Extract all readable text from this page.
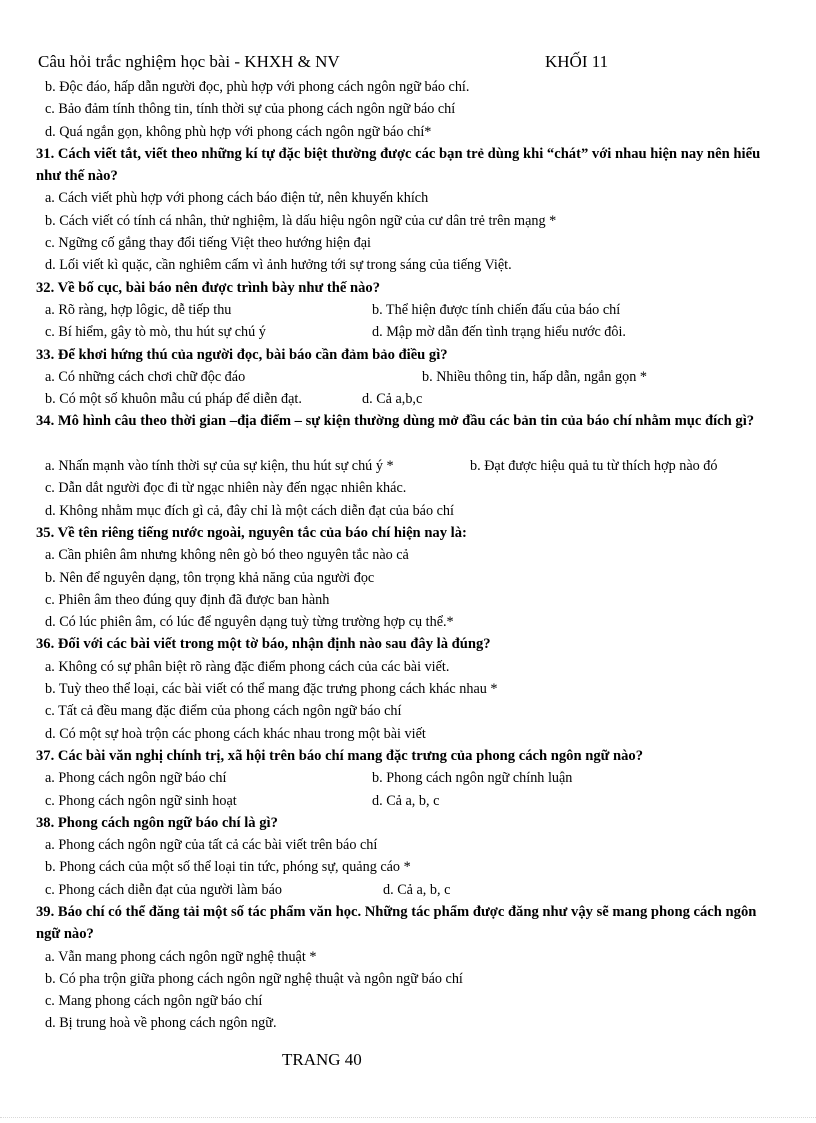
Câu hỏi trắc nghiệm học bài - KHXH & NV	KHỐI 11
b. Độc đáo, hấp dẫn người đọc, phù hợp với phong cách ngôn ngữ báo chí.
c. Bảo đảm tính thông tin, tính thời sự của phong cách ngôn ngữ báo chí
d. Quá ngắn gọn, không phù hợp với phong cách ngôn ngữ báo chí*
31. Cách viết tắt, viết theo những kí tự đặc biệt thường được các bạn trẻ dùng khi “chát” với nhau hiện nay nên hiểu như thế nào?
a. Cách viết phù hợp với phong cách báo điện tử, nên khuyến khích
b. Cách viết có tính cá nhân, thử nghiệm, là dấu hiệu ngôn ngữ của cư dân trẻ trên mạng *
c. Ngững cố gắng thay đổi tiếng Việt theo hướng hiện đại
d. Lối viết kì quặc, cần nghiêm cấm vì ảnh hưởng tới sự trong sáng của tiếng Việt.
32. Về bố cục, bài báo nên được trình bày như thế nào?
a. Rõ ràng, hợp lôgic, dễ tiếp thu	b. Thể hiện được tính chiến đấu của báo chí
c. Bí hiểm, gây tò mò, thu hút sự chú ý	d. Mập mờ dẫn đến tình trạng hiểu nước đôi.
33. Để khơi hứng thú của người đọc, bài báo cần đảm bảo điều gì?
a. Có những cách chơi chữ độc đáo	b. Nhiều thông tin, hấp dẫn, ngắn gọn *
b. Có một số khuôn mẫu cú pháp để diễn đạt.	d. Cả a,b,c
34. Mô hình câu theo thời gian –địa điểm – sự kiện thường dùng mở đầu các bản tin của báo chí nhằm mục đích gì?
a. Nhấn mạnh vào tính thời sự của sự kiện, thu hút sự chú ý *	b. Đạt được hiệu quả tu từ thích hợp nào đó
c. Dẫn dắt người đọc đi từ ngạc nhiên này đến ngạc nhiên khác.
d. Không nhằm mục đích gì cả, đây chỉ là một cách diễn đạt của báo chí
35. Về tên riêng tiếng nước ngoài, nguyên tắc của báo chí hiện nay là:
a. Cần phiên âm nhưng không nên gò bó theo nguyên tắc nào cả
b. Nên để nguyên dạng, tôn trọng khả năng của người đọc
c. Phiên âm theo đúng quy định đã được ban hành
d. Có lúc phiên âm, có lúc để nguyên dạng tuỳ từng trường hợp cụ thể.*
36. Đối với các bài viết trong một tờ báo, nhận định nào sau đây là đúng?
a. Không có sự phân biệt rõ ràng đặc điểm phong cách của các bài viết.
b. Tuỳ theo thể loại, các bài viết có thể mang đặc trưng phong cách khác nhau *
c. Tất cả đều mang đặc điểm của phong cách ngôn ngữ báo chí
d. Có một sự hoà trộn các phong cách khác nhau trong một bài viết
37. Các bài văn nghị chính trị, xã hội trên báo chí mang đặc trưng của phong cách ngôn ngữ nào?
a. Phong cách ngôn ngữ báo chí	b. Phong cách ngôn ngữ chính luận
c. Phong cách ngôn ngữ sinh hoạt	d. Cả a, b, c
38. Phong cách ngôn ngữ báo chí là gì?
a. Phong cách ngôn ngữ của tất cả các bài viết trên báo chí
b. Phong cách của một số thể loại tin tức, phóng sự, quảng cáo *
c. Phong cách diễn đạt của người làm báo	d. Cả a, b, c
39. Báo chí có thể đăng tải một số tác phẩm văn học. Những tác phẩm được đăng như vậy sẽ mang phong cách ngôn ngữ nào?
a. Vẫn mang phong cách ngôn ngữ nghệ thuật *
b. Có pha trộn giữa phong cách ngôn ngữ nghệ thuật và ngôn ngữ báo chí
c. Mang phong cách ngôn ngữ báo chí
d. Bị trung hoà về phong cách ngôn ngữ.
TRANG 40
